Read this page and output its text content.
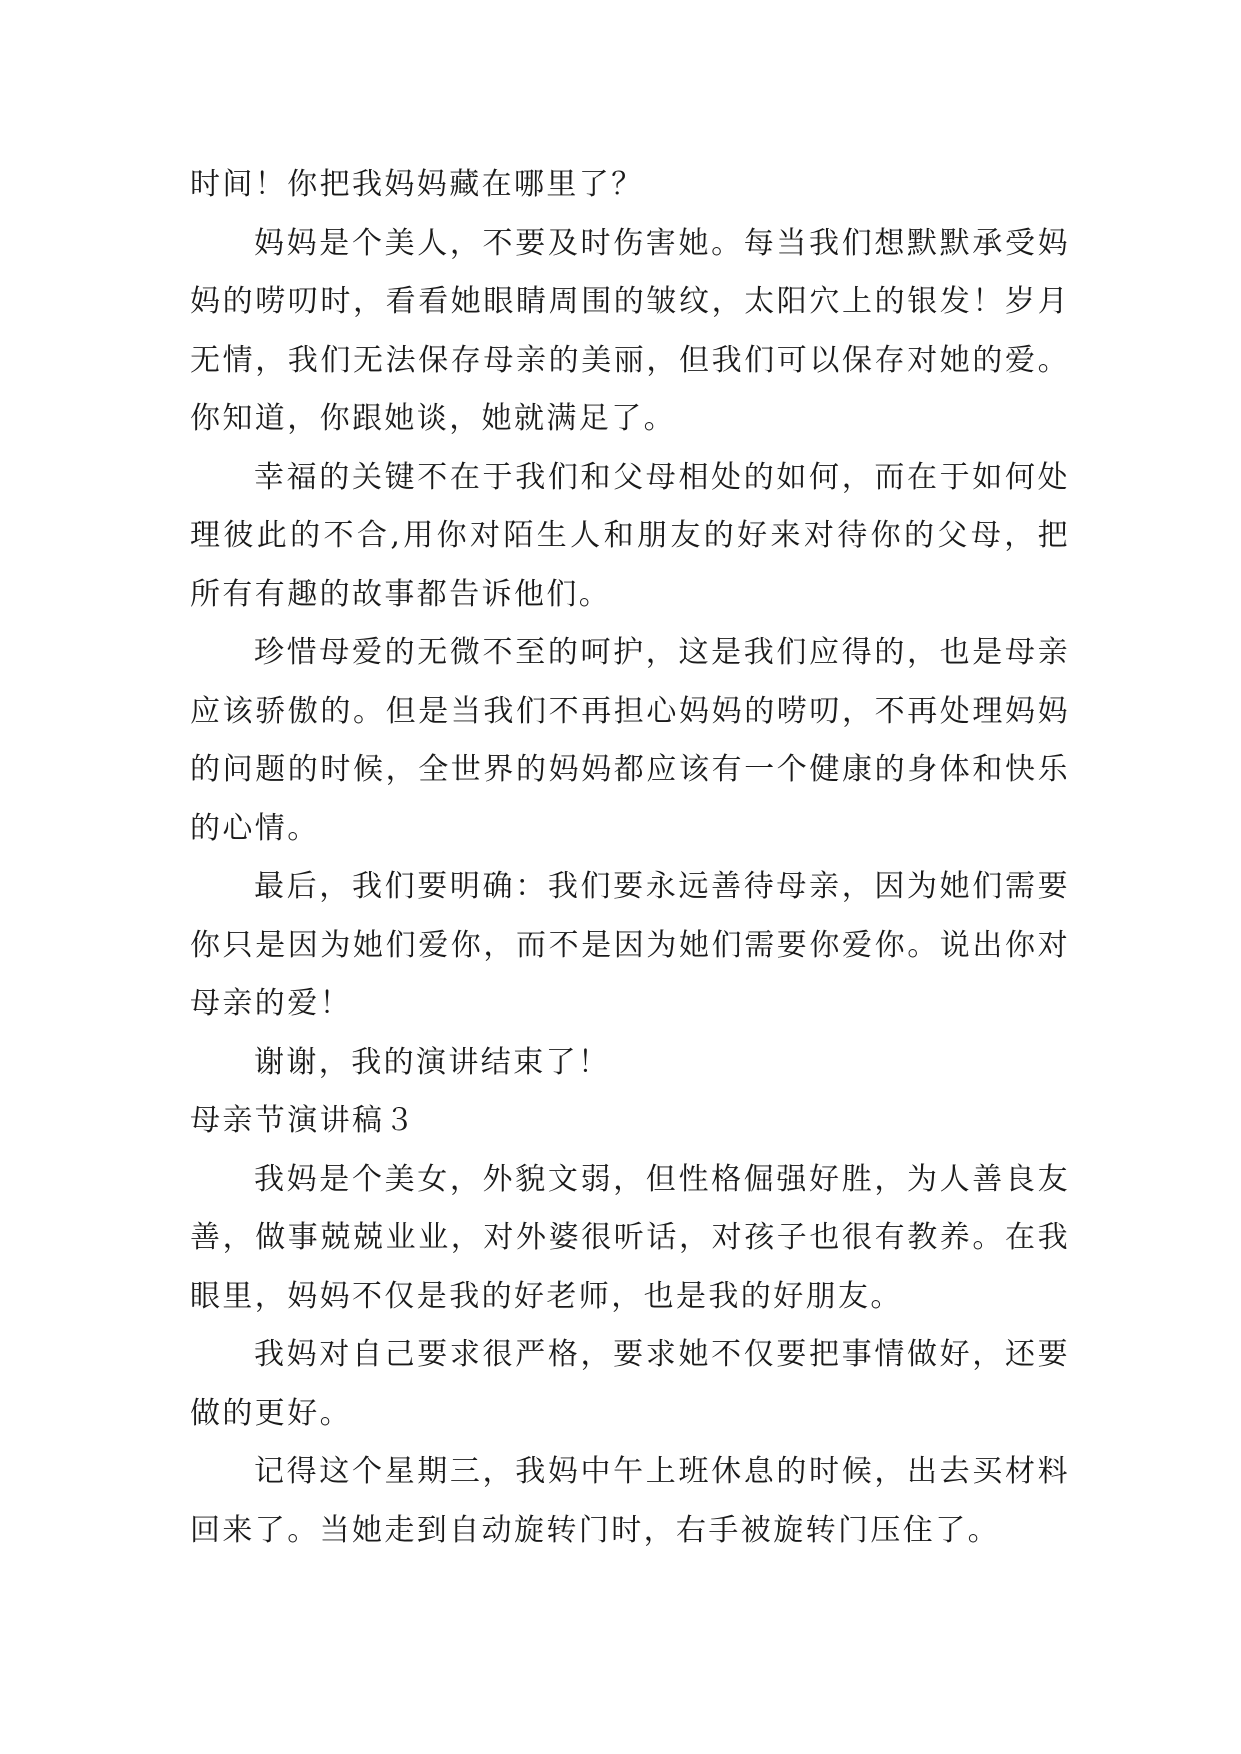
时间！你把我妈妈藏在哪里了？

妈妈是个美人，不要及时伤害她。每当我们想默默承受妈妈的唠叨时，看看她眼睛周围的皱纹，太阳穴上的银发！岁月无情，我们无法保存母亲的美丽，但我们可以保存对她的爱。你知道，你跟她谈，她就满足了。

幸福的关键不在于我们和父母相处的如何，而在于如何处理彼此的不合,用你对陌生人和朋友的好来对待你的父母，把所有有趣的故事都告诉他们。

珍惜母爱的无微不至的呵护，这是我们应得的，也是母亲应该骄傲的。但是当我们不再担心妈妈的唠叨，不再处理妈妈的问题的时候，全世界的妈妈都应该有一个健康的身体和快乐的心情。

最后，我们要明确：我们要永远善待母亲，因为她们需要你只是因为她们爱你，而不是因为她们需要你爱你。说出你对母亲的爱！

谢谢，我的演讲结束了！

母亲节演讲稿３

我妈是个美女，外貌文弱，但性格倔强好胜，为人善良友善，做事兢兢业业，对外婆很听话，对孩子也很有教养。在我眼里，妈妈不仅是我的好老师，也是我的好朋友。

我妈对自己要求很严格，要求她不仅要把事情做好，还要做的更好。

记得这个星期三，我妈中午上班休息的时候，出去买材料回来了。当她走到自动旋转门时，右手被旋转门压住了。
